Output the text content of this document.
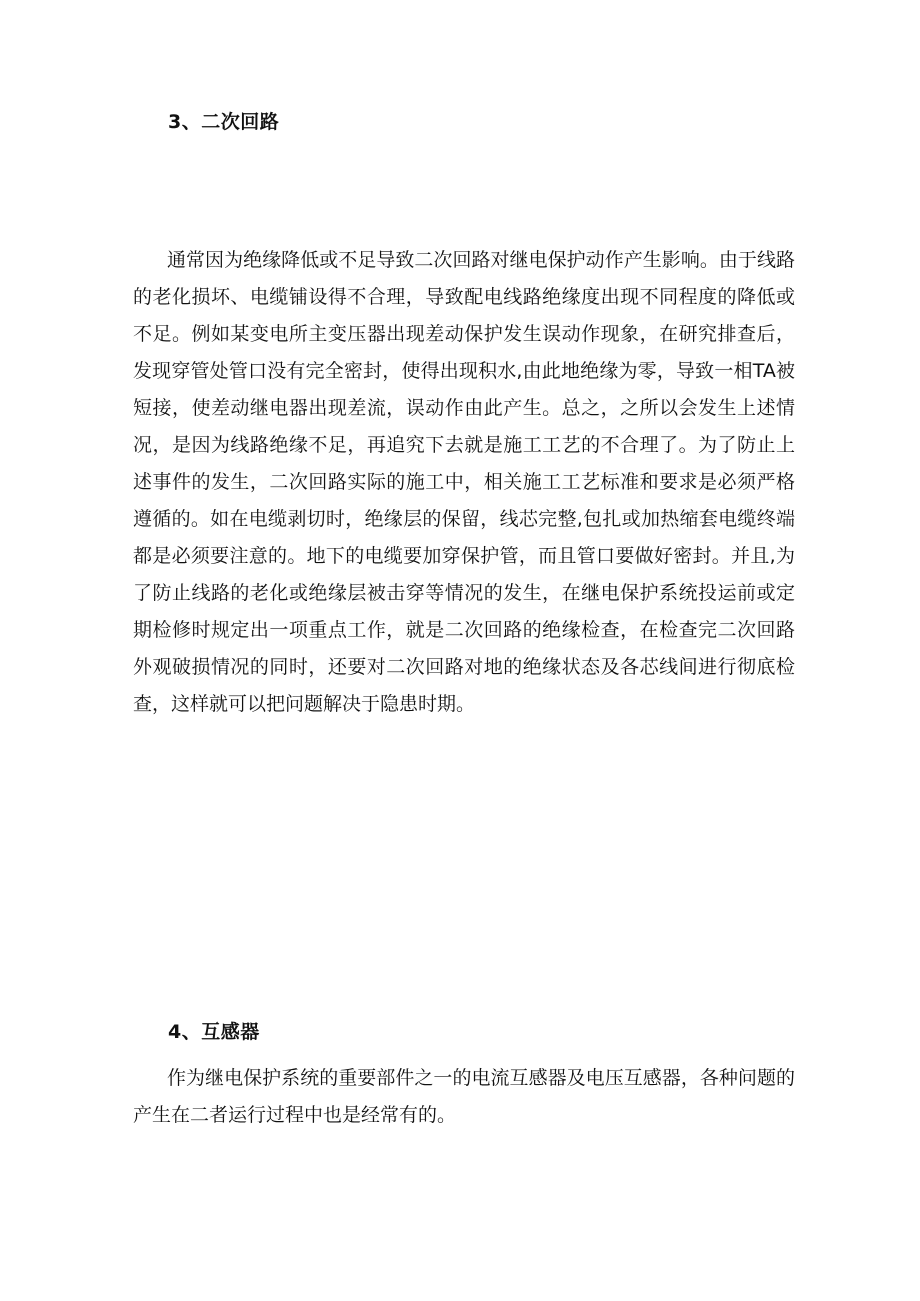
3、二次回路

通常因为绝缘降低或不足导致二次回路对继电保护动作产生影响。由于线路的老化损坏、电缆铺设得不合理，导致配电线路绝缘度出现不同程度的降低或不足。例如某变电所主变压器出现差动保护发生误动作现象，在研究排查后，发现穿管处管口没有完全密封，使得出现积水,由此地绝缘为零，导致一相TA被短接，使差动继电器出现差流，误动作由此产生。总之，之所以会发生上述情况，是因为线路绝缘不足，再追究下去就是施工工艺的不合理了。为了防止上述事件的发生，二次回路实际的施工中，相关施工工艺标准和要求是必须严格遵循的。如在电缆剥切时，绝缘层的保留，线芯完整,包扎或加热缩套电缆终端都是必须要注意的。地下的电缆要加穿保护管，而且管口要做好密封。并且,为了防止线路的老化或绝缘层被击穿等情况的发生，在继电保护系统投运前或定期检修时规定出一项重点工作，就是二次回路的绝缘检查，在检查完二次回路外观破损情况的同时，还要对二次回路对地的绝缘状态及各芯线间进行彻底检查，这样就可以把问题解决于隐患时期。

4、互感器

作为继电保护系统的重要部件之一的电流互感器及电压互感器，各种问题的产生在二者运行过程中也是经常有的。
